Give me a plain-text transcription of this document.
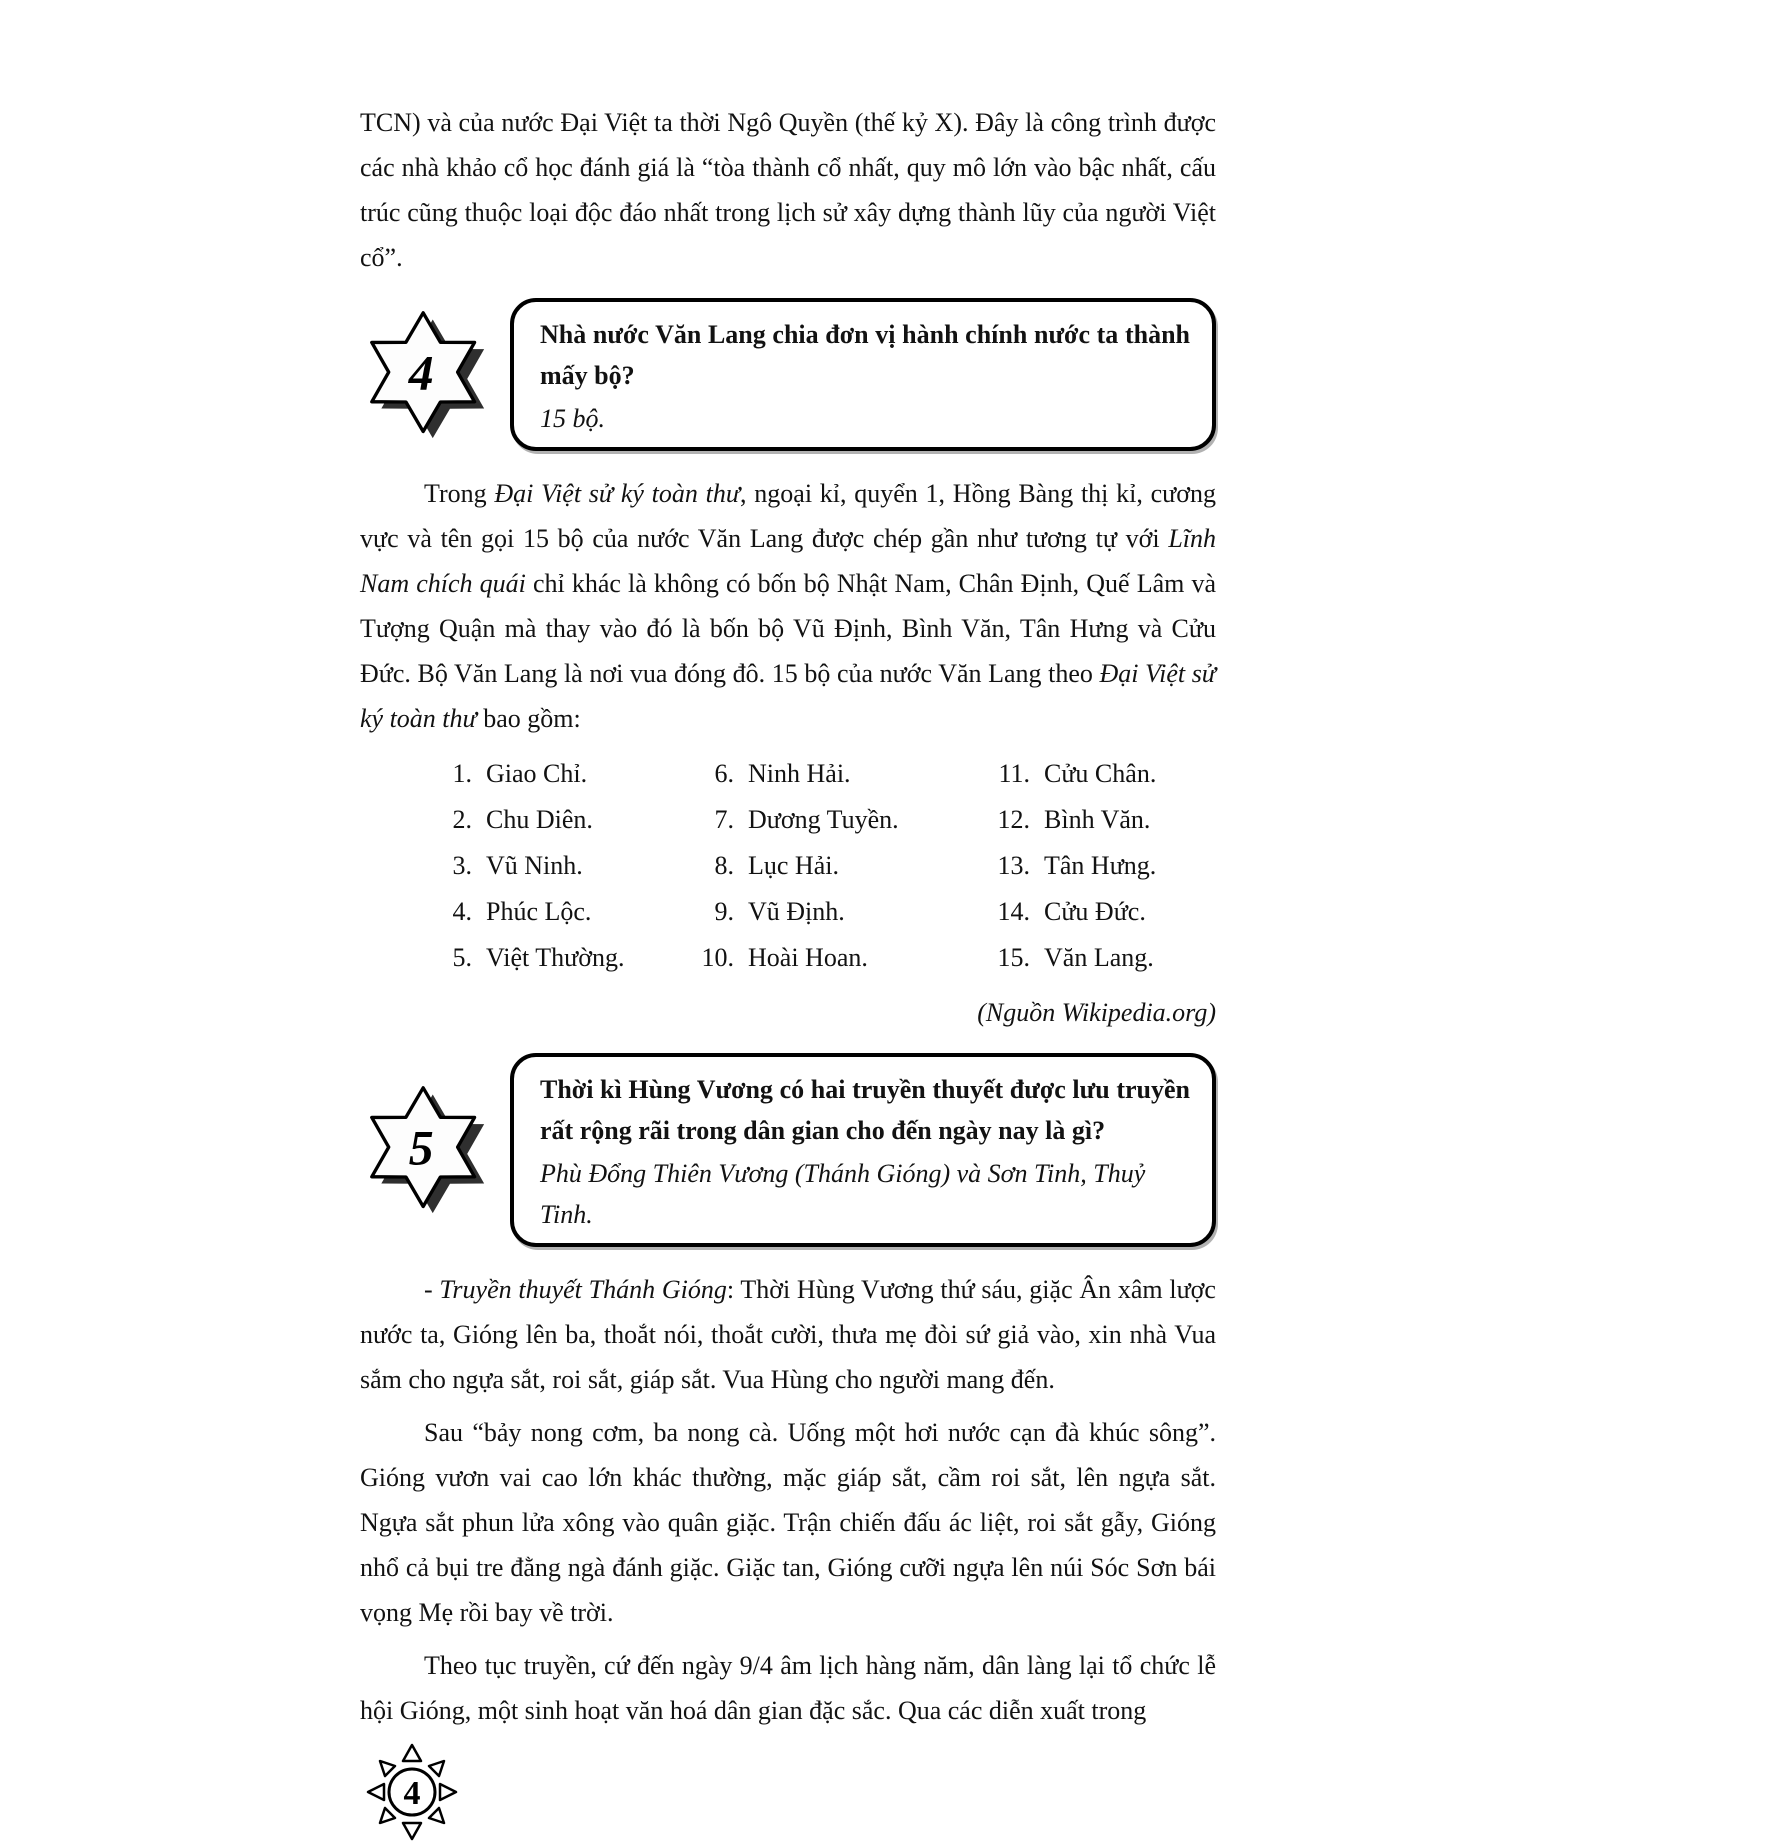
TCN) và của nước Đại Việt ta thời Ngô Quyền (thế kỷ X). Đây là công trình được các nhà khảo cổ học đánh giá là “tòa thành cổ nhất, quy mô lớn vào bậc nhất, cấu trúc cũng thuộc loại độc đáo nhất trong lịch sử xây dựng thành lũy của người Việt cổ”.

4
Nhà nước Văn Lang chia đơn vị hành chính nước ta thành mấy bộ?
15 bộ.

Trong Đại Việt sử ký toàn thư, ngoại kỉ, quyển 1, Hồng Bàng thị kỉ, cương vực và tên gọi 15 bộ của nước Văn Lang được chép gần như tương tự với Lĩnh Nam chích quái chỉ khác là không có bốn bộ Nhật Nam, Chân Định, Quế Lâm và Tượng Quận mà thay vào đó là bốn bộ Vũ Định, Bình Văn, Tân Hưng và Cửu Đức. Bộ Văn Lang là nơi vua đóng đô. 15 bộ của nước Văn Lang theo Đại Việt sử ký toàn thư bao gồm:

1. Giao Chỉ.
2. Chu Diên.
3. Vũ Ninh.
4. Phúc Lộc.
5. Việt Thường.
6. Ninh Hải.
7. Dương Tuyền.
8. Lục Hải.
9. Vũ Định.
10. Hoài Hoan.
11. Cửu Chân.
12. Bình Văn.
13. Tân Hưng.
14. Cửu Đức.
15. Văn Lang.
(Nguồn Wikipedia.org)
5
Thời kì Hùng Vương có hai truyền thuyết được lưu truyền rất rộng rãi trong dân gian cho đến ngày nay là gì?
Phù Đổng Thiên Vương (Thánh Gióng) và Sơn Tinh, Thuỷ Tinh.

- Truyền thuyết Thánh Gióng: Thời Hùng Vương thứ sáu, giặc Ân xâm lược nước ta, Gióng lên ba, thoắt nói, thoắt cười, thưa mẹ đòi sứ giả vào, xin nhà Vua sắm cho ngựa sắt, roi sắt, giáp sắt. Vua Hùng cho người mang đến.

Sau “bảy nong cơm, ba nong cà. Uống một hơi nước cạn đà khúc sông”. Gióng vươn vai cao lớn khác thường, mặc giáp sắt, cầm roi sắt, lên ngựa sắt. Ngựa sắt phun lửa xông vào quân giặc. Trận chiến đấu ác liệt, roi sắt gẫy, Gióng nhổ cả bụi tre đằng ngà đánh giặc. Giặc tan, Gióng cưỡi ngựa lên núi Sóc Sơn bái vọng Mẹ rồi bay về trời.

Theo tục truyền, cứ đến ngày 9/4 âm lịch hàng năm, dân làng lại tổ chức lễ hội Gióng, một sinh hoạt văn hoá dân gian đặc sắc. Qua các diễn xuất trong

4
